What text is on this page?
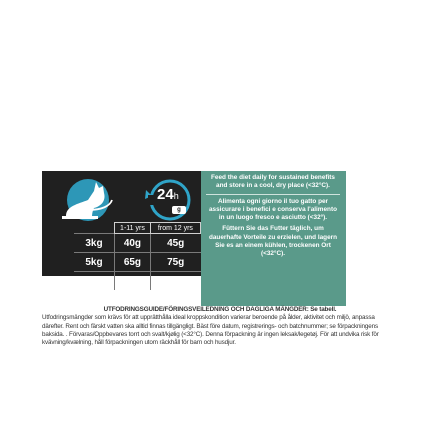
24h
g
	1-11 yrs	from 12 yrs
3kg	40g	45g
5kg	65g	75g
7kg	90g	105g

Feed the diet daily for sustained benefits and store in a cool, dry place (<32°C).

Alimenta ogni giorno il tuo gatto per assicurare i benefici e conserva l'alimento in un luogo fresco e asciutto (<32°).

Füttern Sie das Futter täglich, um dauerhafte Vorteile zu erzielen, und lagern Sie es an einem kühlen, trockenen Ort (<32°C).

UTFODRINGSGUIDE/FÖRINGSVEILEDNING OCH DAGLIGA MÄNGDER: Se tabell.
Utfodringsmängder som krävs för att upprätthålla ideal kroppskondition varierar beroende på ålder, aktivitet och miljö, anpassa därefter. Rent och färskt vatten ska alltid finnas tillgängligt. Bäst före datum, registrerings- och batchnummer; se förpackningens baksida. . Förvaras/Oppbevares torrt och svalt/kjølig (<32°C). Denna förpackning är ingen leksak/legetøj. För att undvika risk för kvävning/kvælning, håll förpackningen utom räckhåll för barn och husdjur.
